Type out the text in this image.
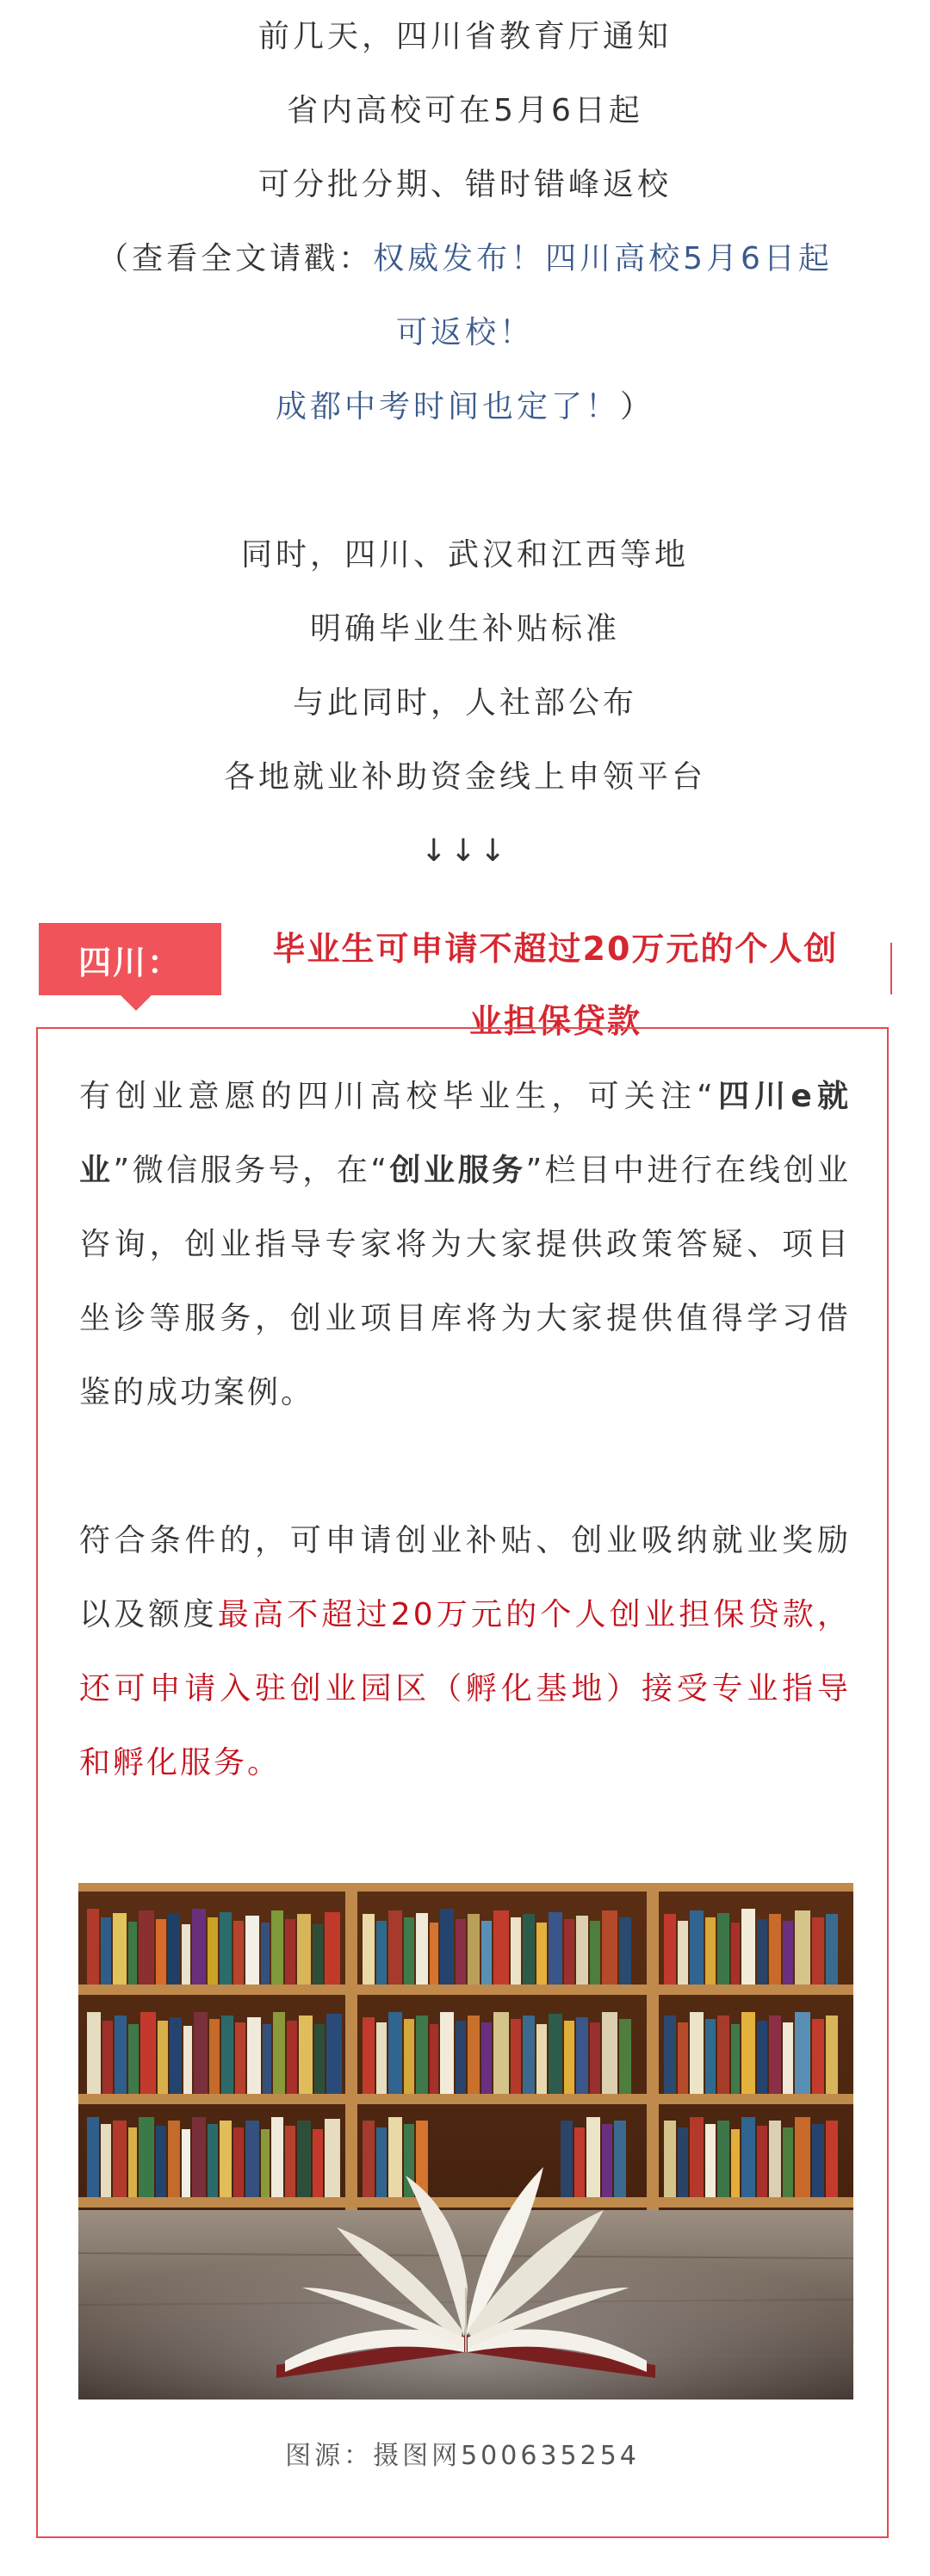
前几天，四川省教育厅通知
省内高校可在5月6日起
可分批分期、错时错峰返校
（查看全文请戳：权威发布！四川高校5月6日起
可返校！
成都中考时间也定了！）
同时，四川、武汉和江西等地
明确毕业生补贴标准
与此同时，人社部公布
各地就业补助资金线上申领平台
↓↓↓
四川：	毕业生可申请不超过20万元的个人创
业担保贷款
有创业意愿的四川高校毕业生，可关注“四川e就业”微信服务号，在“创业服务”栏目中进行在线创业咨询，创业指导专家将为大家提供政策答疑、项目坐诊等服务，创业项目库将为大家提供值得学习借鉴的成功案例。
符合条件的，可申请创业补贴、创业吸纳就业奖励以及额度最高不超过20万元的个人创业担保贷款，还可申请入驻创业园区（孵化基地）接受专业指导和孵化服务。
图源：摄图网500635254
